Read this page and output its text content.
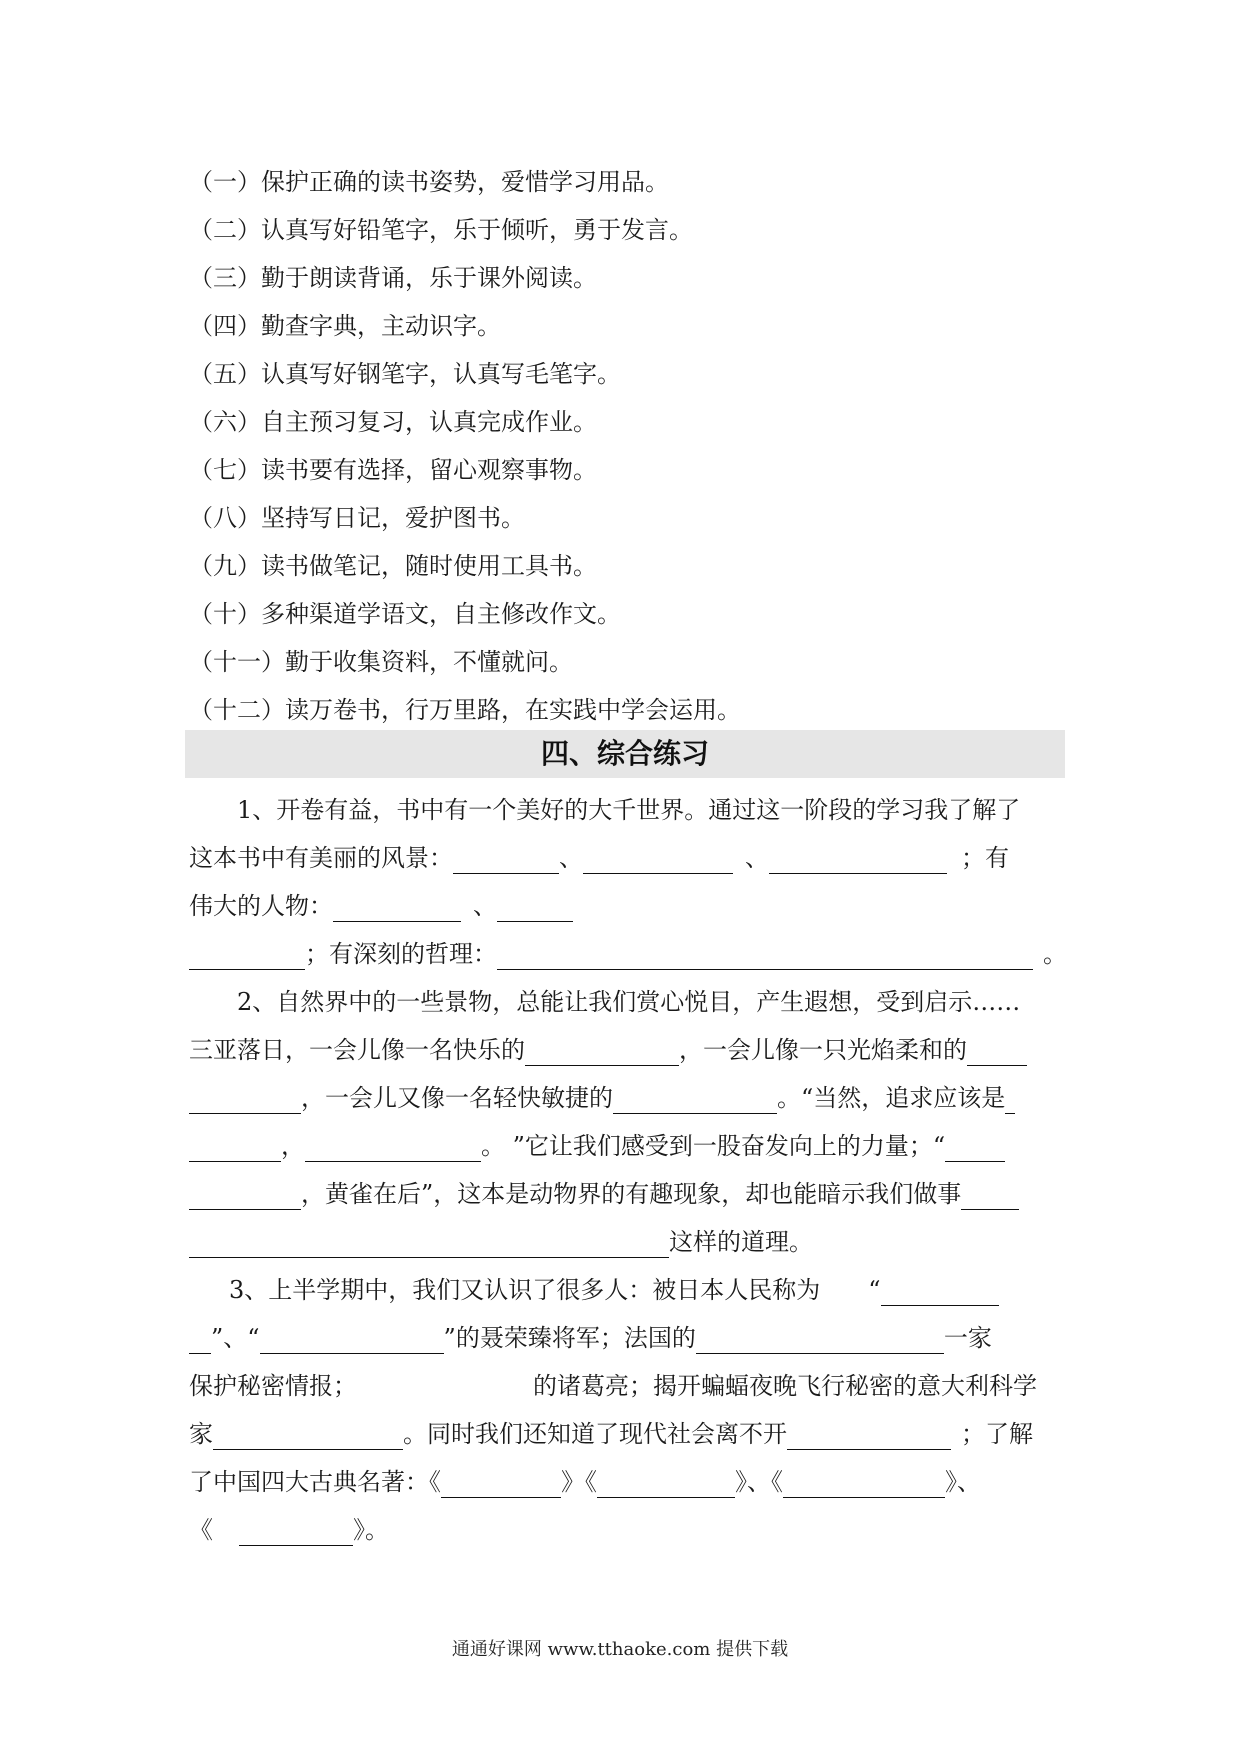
（一）保护正确的读书姿势，爱惜学习用品。
（二）认真写好铅笔字，乐于倾听，勇于发言。
（三）勤于朗读背诵，乐于课外阅读。
（四）勤查字典，主动识字。
（五）认真写好钢笔字，认真写毛笔字。
（六）自主预习复习，认真完成作业。
（七）读书要有选择，留心观察事物。
（八）坚持写日记，爱护图书。
（九）读书做笔记，随时使用工具书。
（十）多种渠道学语文，自主修改作文。
（十一）勤于收集资料，不懂就问。
（十二）读万卷书，行万里路，在实践中学会运用。
四、综合练习
1、开卷有益，书中有一个美好的大千世界。通过这一阶段的学习我了解了
这本书中有美丽的风景：	、	、	；有
伟大的人物：	、
；有深刻的哲理：	。
2、自然界中的一些景物，总能让我们赏心悦目，产生遐想，受到启示……
三亚落日，一会儿像一名快乐的	，一会儿像一只光焰柔和的
，一会儿又像一名轻快敏捷的	。“当然，追求应该是
，	。 ”它让我们感受到一股奋发向上的力量；“
，黄雀在后”，这本是动物界的有趣现象，却也能暗示我们做事
这样的道理。
3、上半学期中，我们又认识了很多人：被日本人民称为 “
”、“	”的聂荣臻将军；法国的	一家
保护秘密情报；	的诸葛亮；揭开蝙蝠夜晚飞行秘密的意大利科学
家	。同时我们还知道了现代社会离不开	；了解
了中国四大古典名著：《	》《	》、《	》、
《	》。
通通好课网 www.tthaoke.com 提供下载
